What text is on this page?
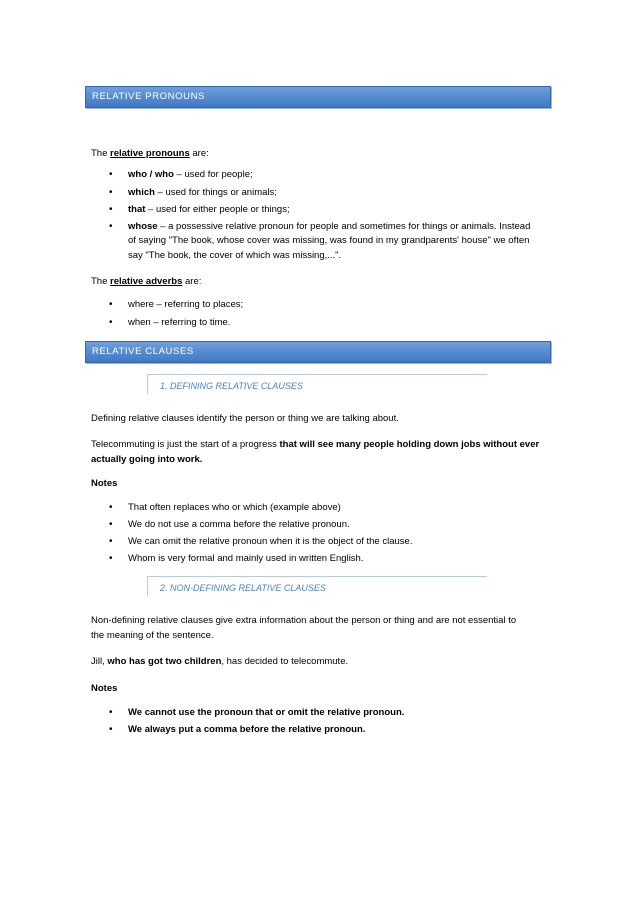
RELATIVE PRONOUNS
The relative pronouns are:
• who / who – used for people;
• which – used for things or animals;
• that – used for either people or things;
• whose – a possessive relative pronoun for people and sometimes for things or animals. Instead
of saying "The book, whose cover was missing, was found in my grandparents' house" we often
say "The book, the cover of which was missing,...".
The relative adverbs are:
• where – referring to places;
• when – referring to time.
RELATIVE CLAUSES
1. DEFINING RELATIVE CLAUSES
Defining relative clauses identify the person or thing we are talking about.
Telecommuting is just the start of a progress that will see many people holding down jobs without ever
actually going into work.
Notes
• That often replaces who or which (example above)
• We do not use a comma before the relative pronoun.
• We can omit the relative pronoun when it is the object of the clause.
• Whom is very formal and mainly used in written English.
2. NON-DEFINING RELATIVE CLAUSES
Non-defining relative clauses give extra information about the person or thing and are not essential to
the meaning of the sentence.
Jill, who has got two children, has decided to telecommute.
Notes
• We cannot use the pronoun that or omit the relative pronoun.
• We always put a comma before the relative pronoun.
